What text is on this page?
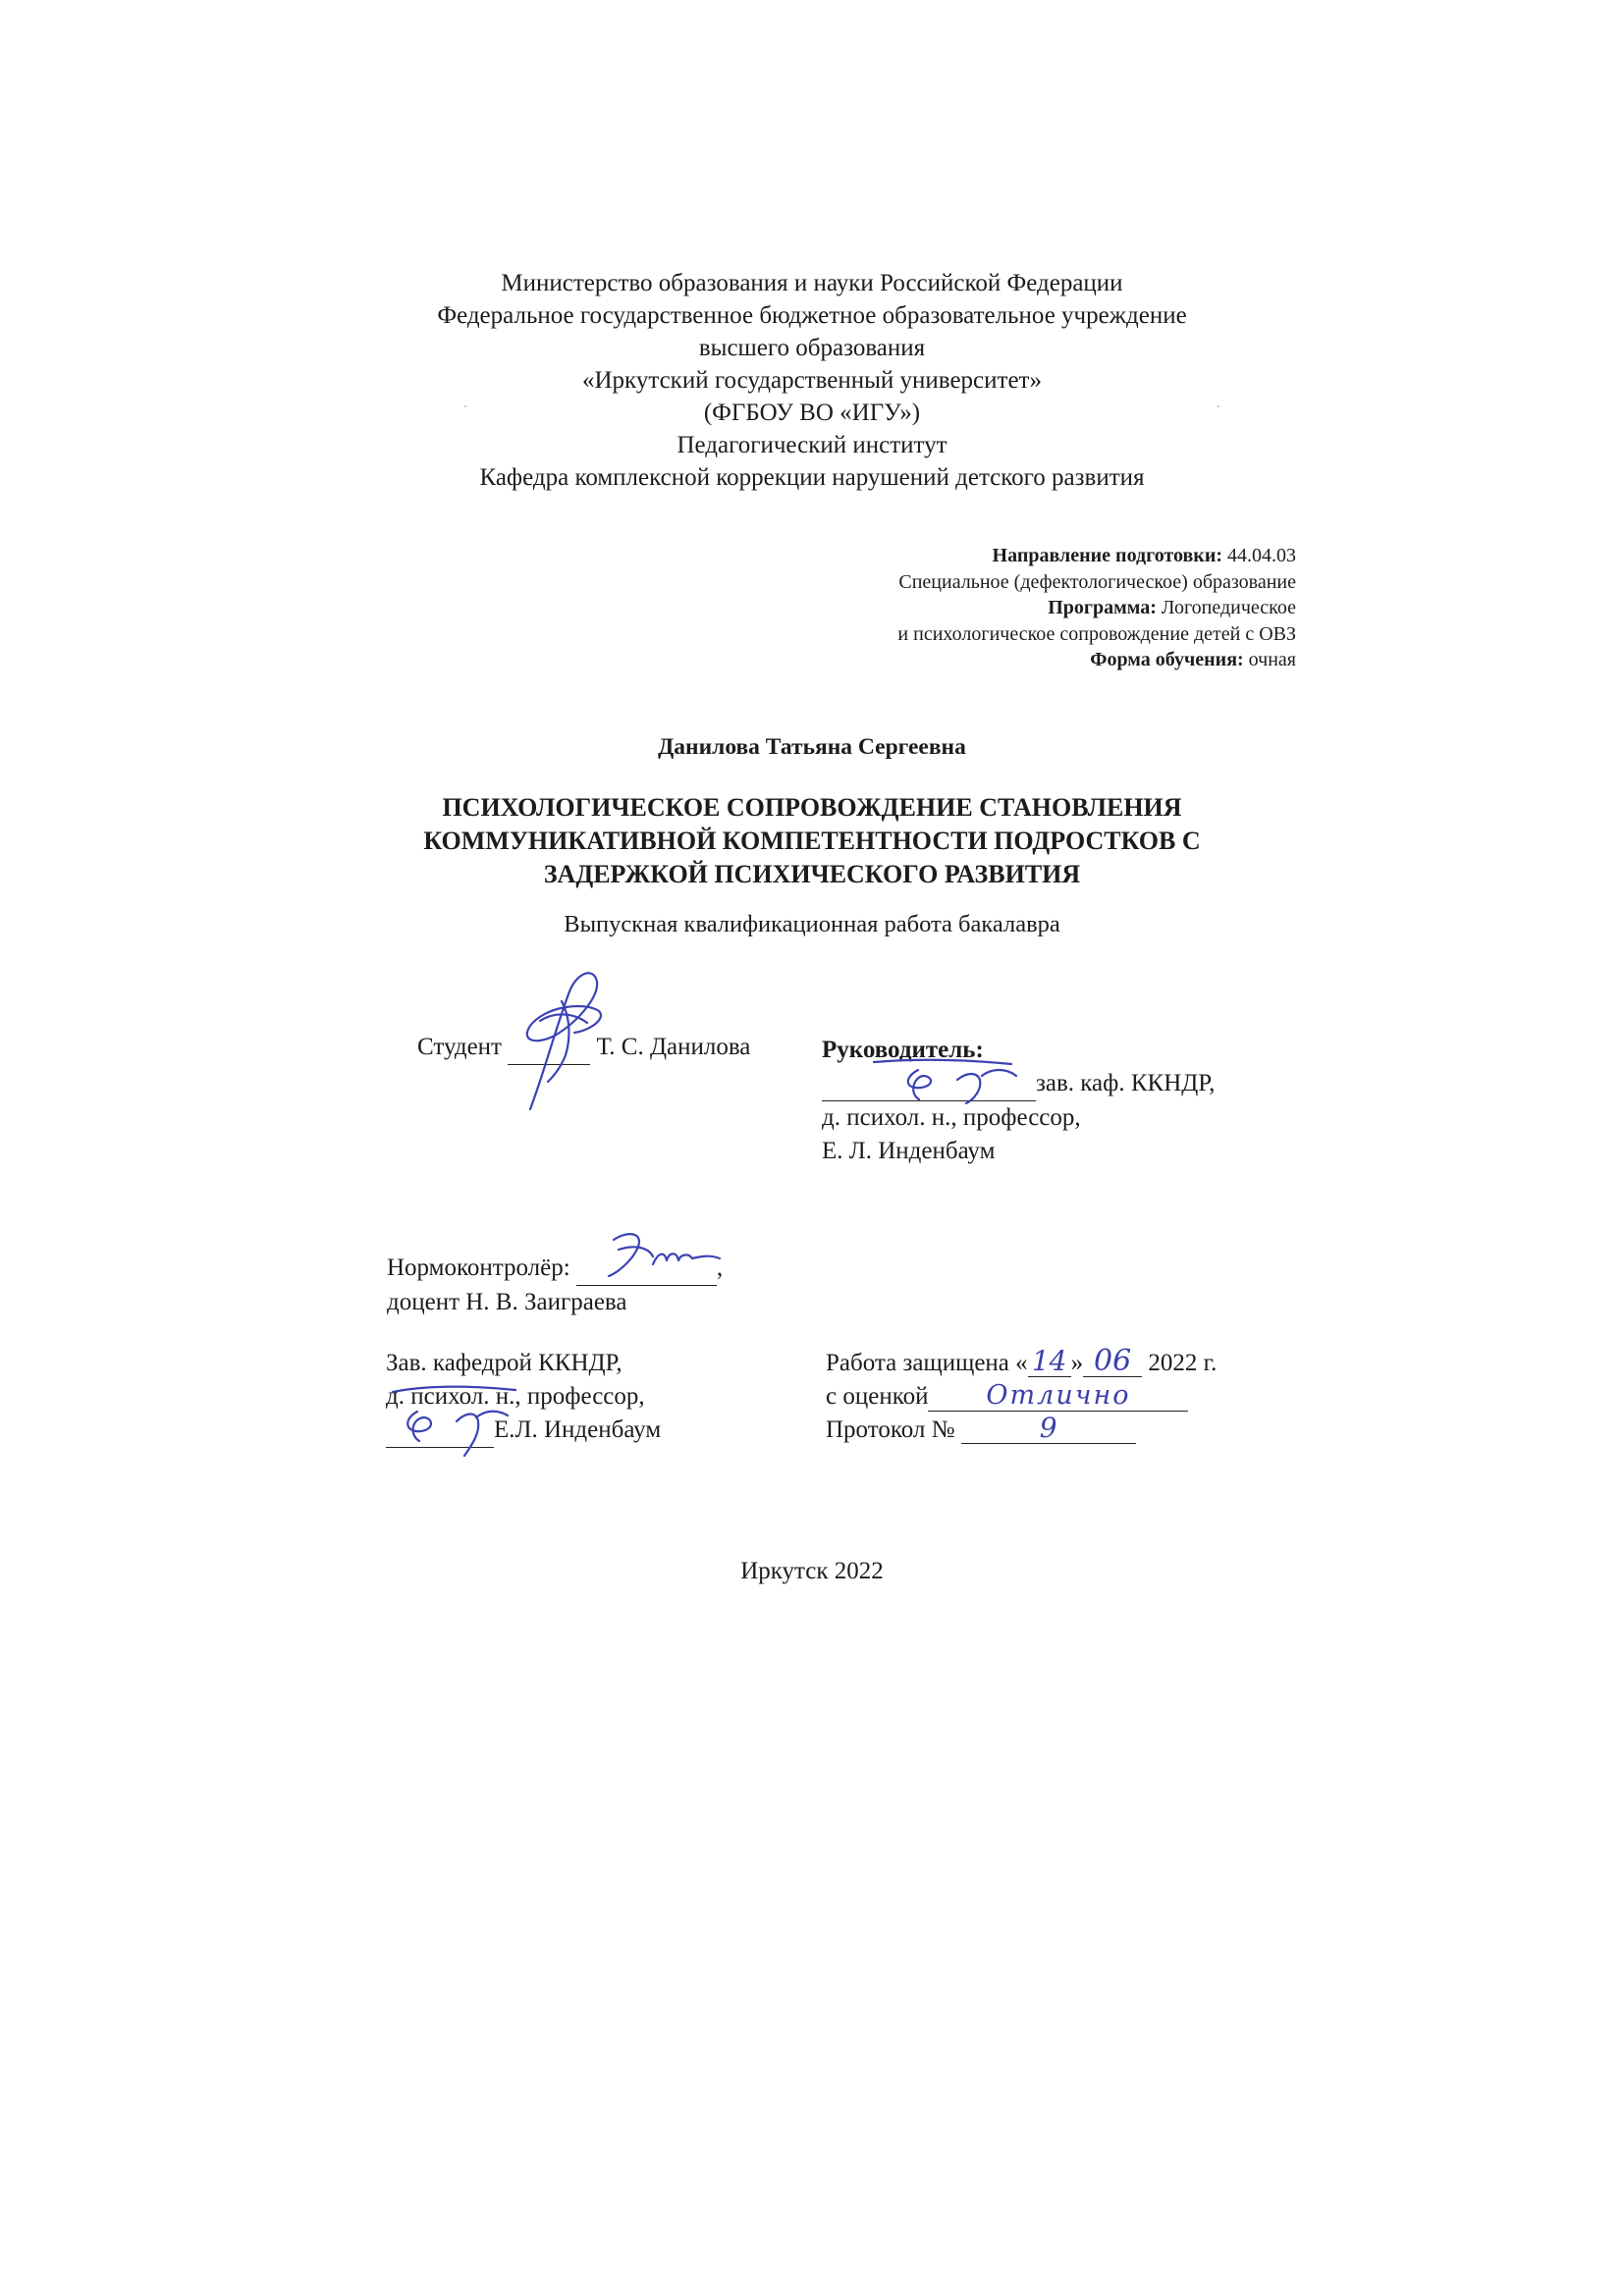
Министерство образования и науки Российской Федерации
Федеральное государственное бюджетное образовательное учреждение
высшего образования
«Иркутский государственный университет»
(ФГБОУ ВО «ИГУ»)
Педагогический институт
Кафедра комплексной коррекции нарушений детского развития
Направление подготовки: 44.04.03
Специальное (дефектологическое) образование
Программа: Логопедическое
и психологическое сопровождение детей с ОВЗ
Форма обучения: очная
Данилова Татьяна Сергеевна
ПСИХОЛОГИЧЕСКОЕ СОПРОВОЖДЕНИЕ СТАНОВЛЕНИЯ
КОММУНИКАТИВНОЙ КОМПЕТЕНТНОСТИ ПОДРОСТКОВ С
ЗАДЕРЖКОЙ ПСИХИЧЕСКОГО РАЗВИТИЯ
Выпускная квалификационная работа бакалавра
Студент	Т. С. Данилова	Руководитель:
зав. каф. ККНДР,
д. психол. н., профессор,
Е. Л. Инденбаум
Нормоконтролёр:	,
доцент Н. В. Заиграева
Зав. кафедрой ККНДР,
д. психол. н., профессор,
Е.Л. Инденбаум
Работа защищена « 14 » 06 2022 г.
с оценкой Отлично
Протокол №	9
Иркутск 2022
